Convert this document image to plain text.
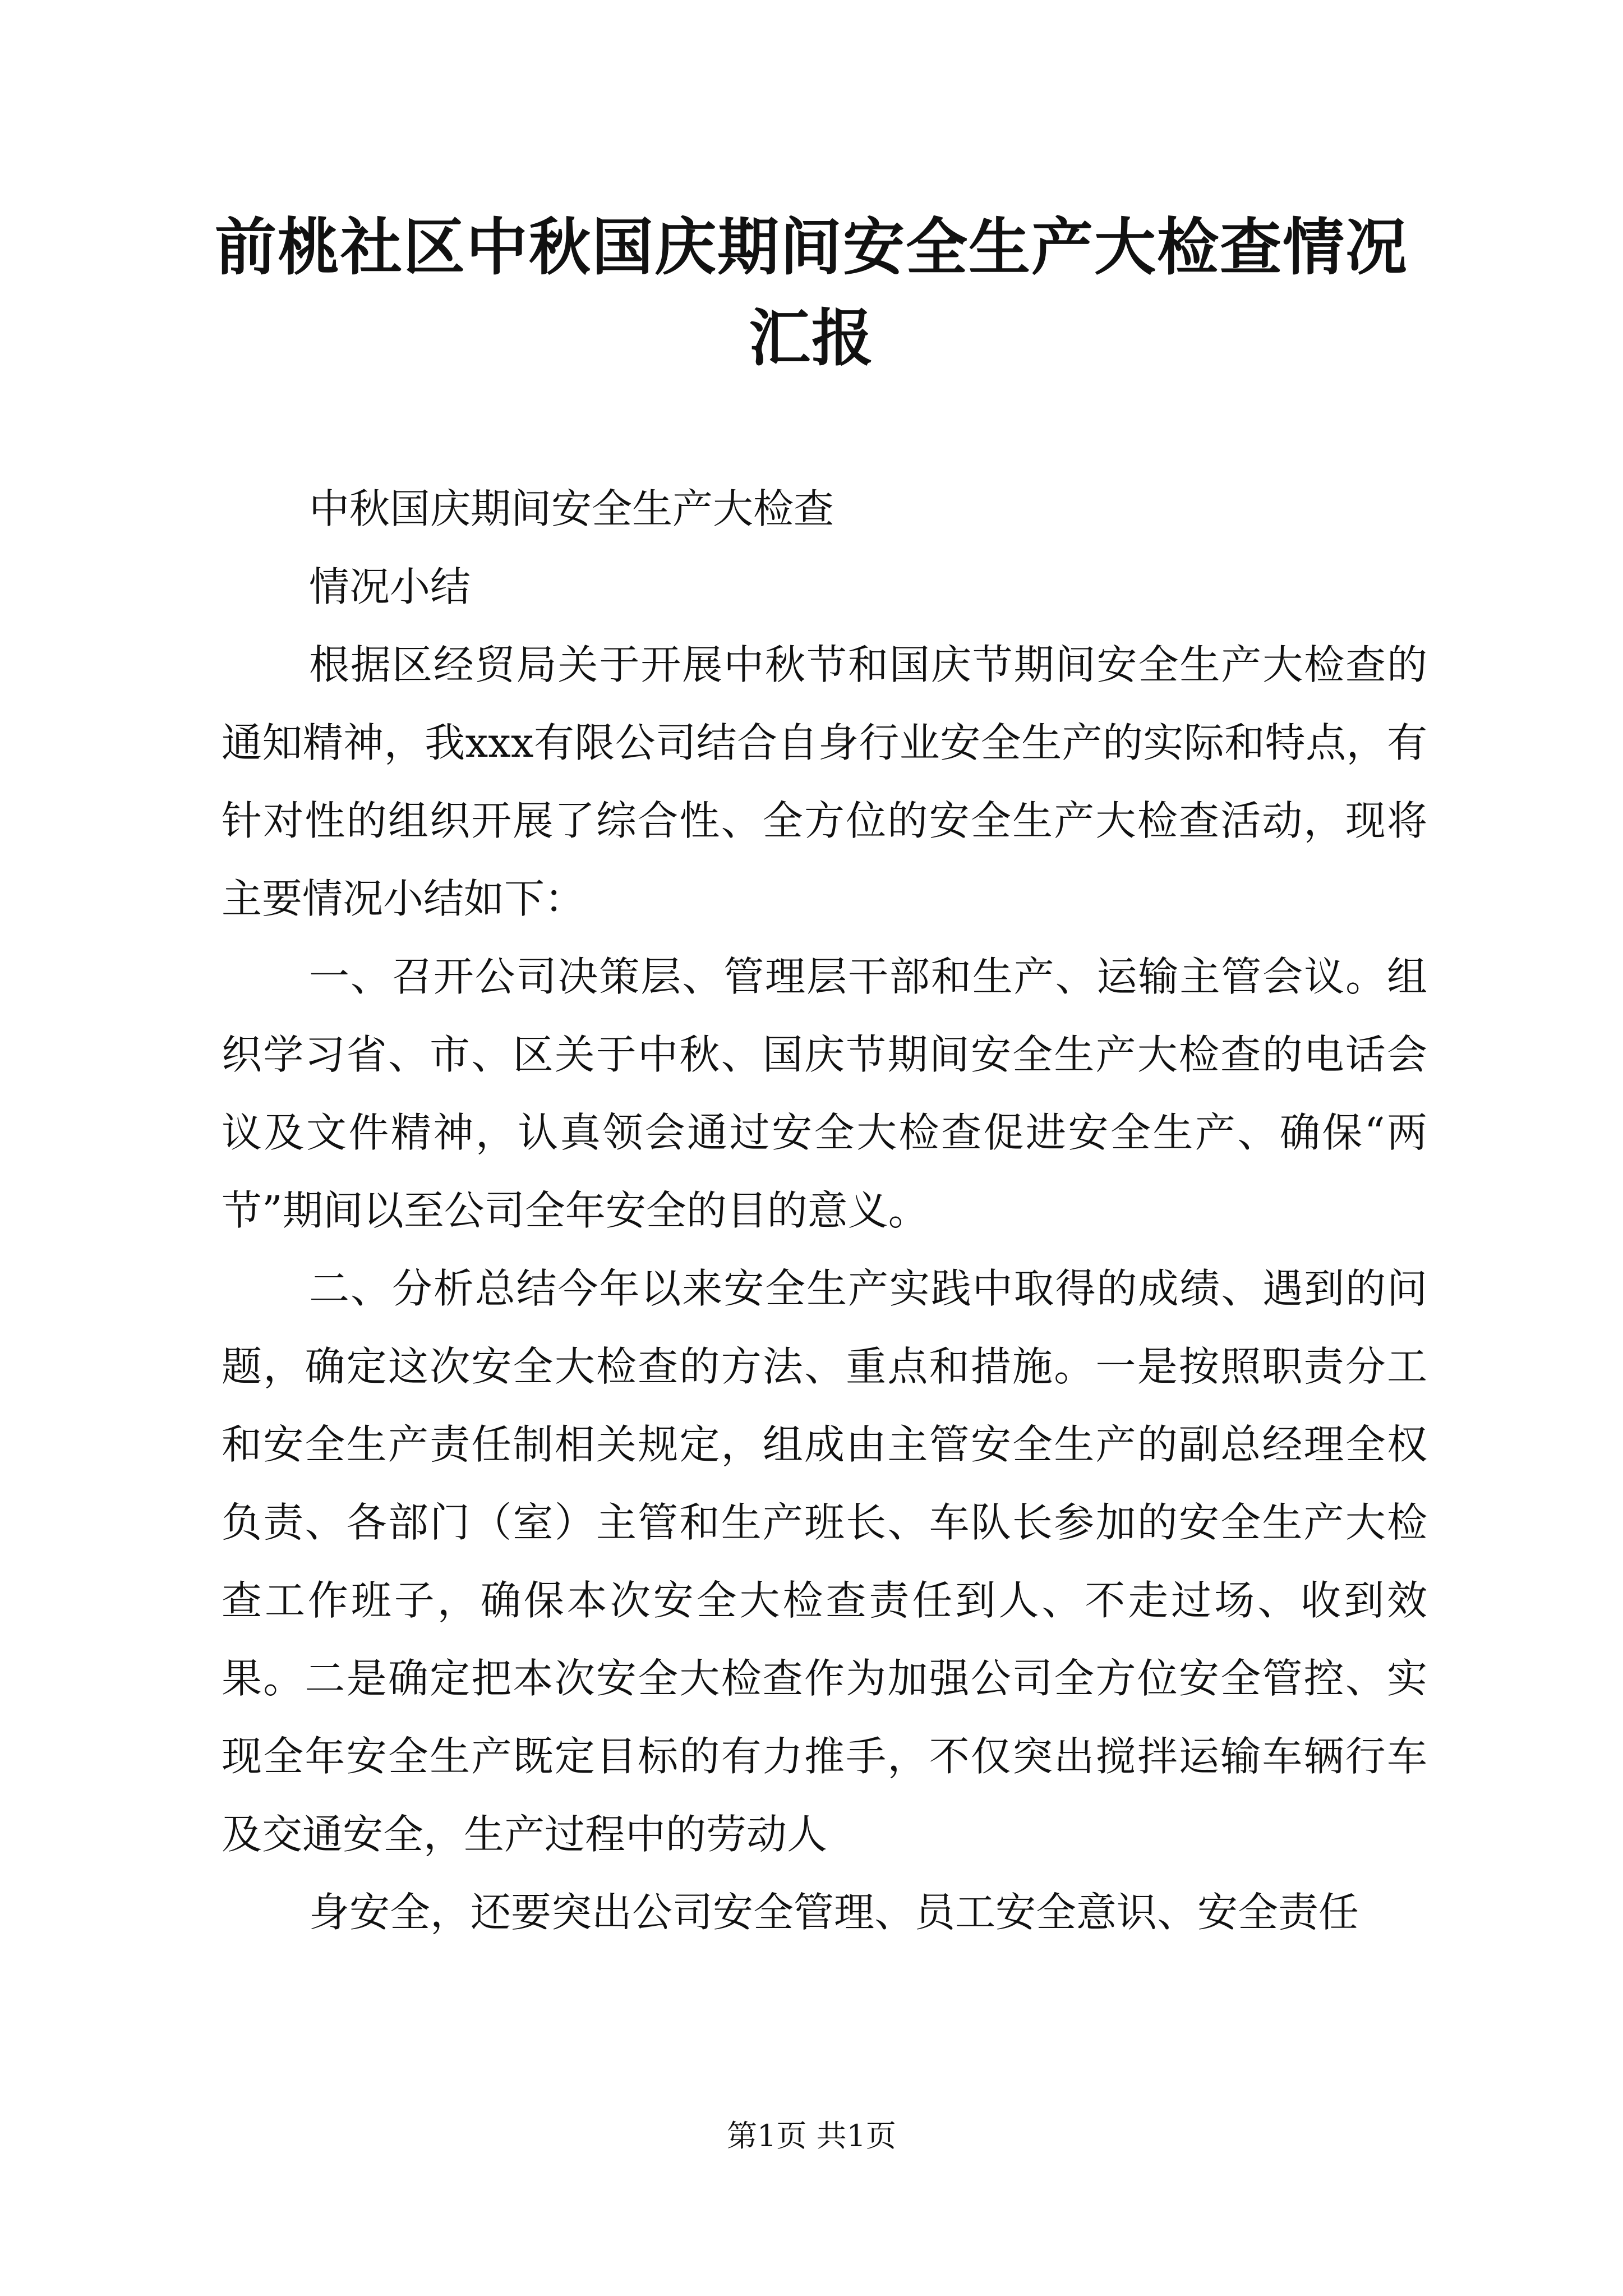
前桃社区中秋国庆期间安全生产大检查情况汇报

中秋国庆期间安全生产大检查

情况小结

根据区经贸局关于开展中秋节和国庆节期间安全生产大检查的通知精神，我xxx有限公司结合自身行业安全生产的实际和特点，有针对性的组织开展了综合性、全方位的安全生产大检查活动，现将主要情况小结如下：

一、召开公司决策层、管理层干部和生产、运输主管会议。组织学习省、市、区关于中秋、国庆节期间安全生产大检查的电话会议及文件精神，认真领会通过安全大检查促进安全生产、确保“两节”期间以至公司全年安全的目的意义。

二、分析总结今年以来安全生产实践中取得的成绩、遇到的问题，确定这次安全大检查的方法、重点和措施。一是按照职责分工和安全生产责任制相关规定，组成由主管安全生产的副总经理全权负责、各部门（室）主管和生产班长、车队长参加的安全生产大检查工作班子，确保本次安全大检查责任到人、不走过场、收到效果。二是确定把本次安全大检查作为加强公司全方位安全管控、实现全年安全生产既定目标的有力推手，不仅突出搅拌运输车辆行车及交通安全，生产过程中的劳动人

身安全，还要突出公司安全管理、员工安全意识、安全责任

第1页 共1页
